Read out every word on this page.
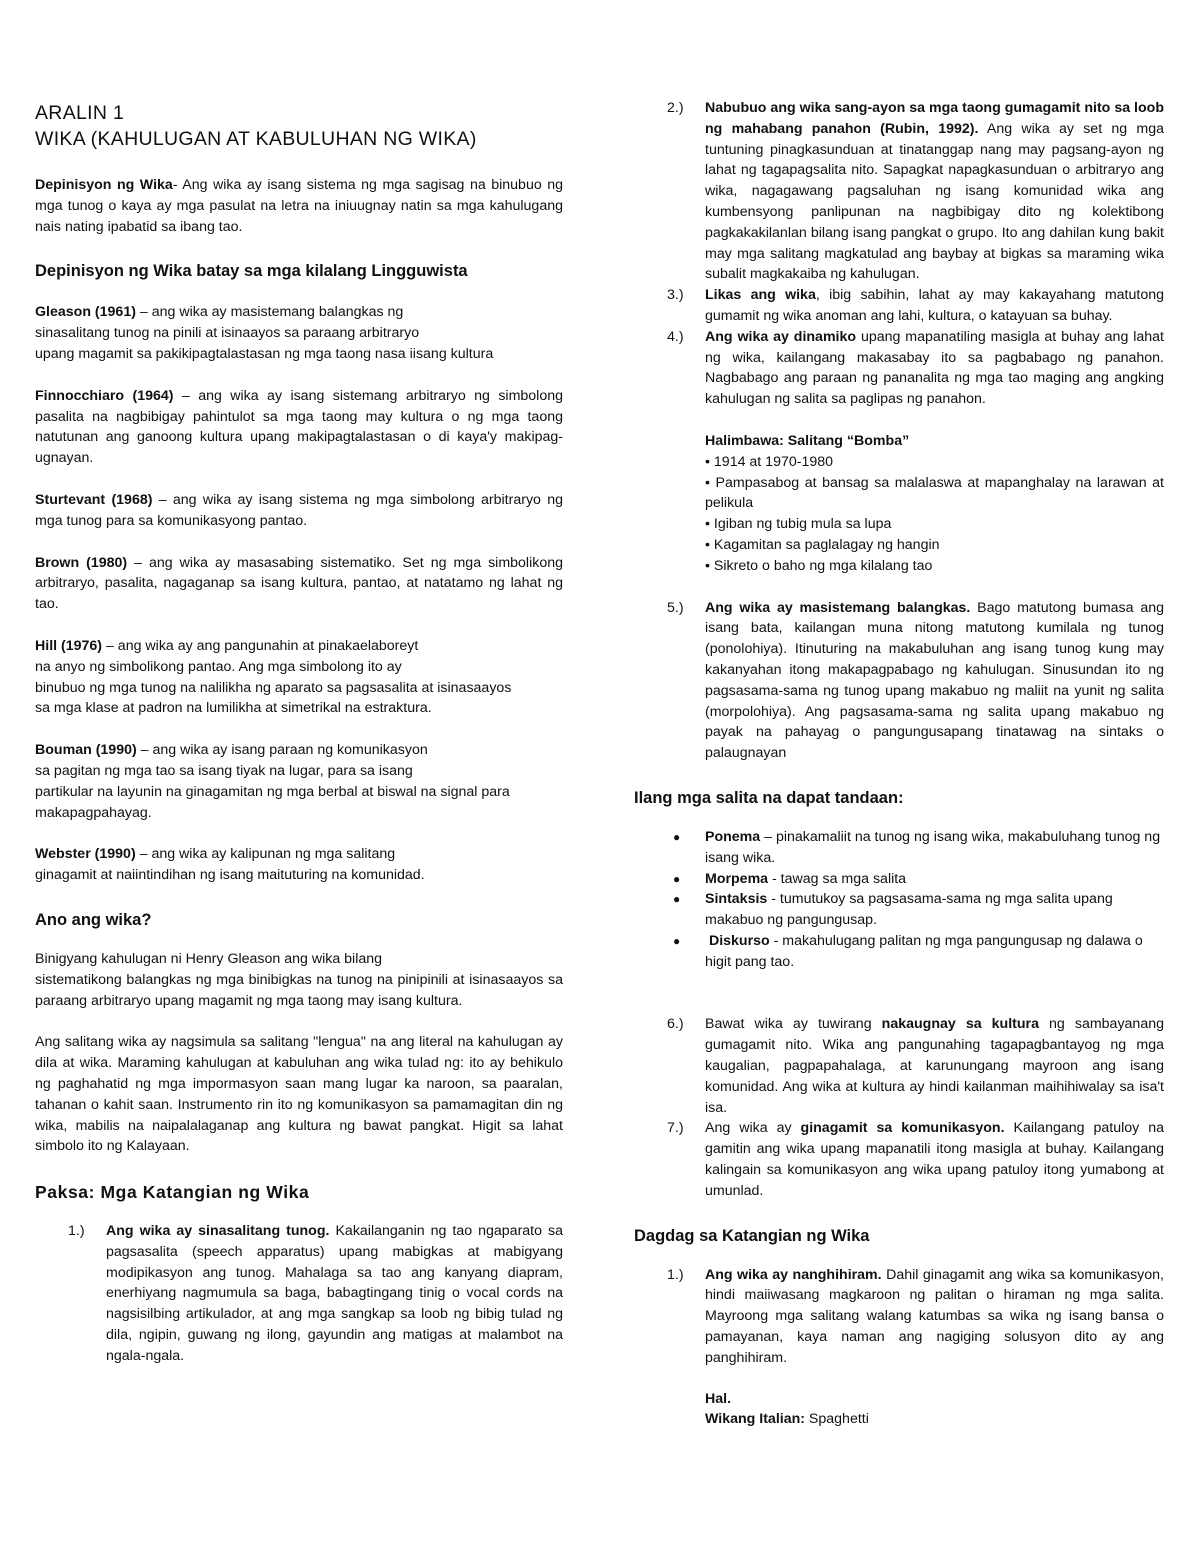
ARALIN 1

WIKA (KAHULUGAN AT KABULUHAN NG WIKA)

Depinisyon ng Wika- Ang wika ay isang sistema ng mga sagisag na binubuo ng mga tunog o kaya ay mga pasulat na letra na iniuugnay natin sa mga kahulugang nais nating ipabatid sa ibang tao.

Depinisyon ng Wika batay sa mga kilalang Lingguwista

Gleason (1961) – ang wika ay masistemang balangkas ng

sinasalitang tunog na pinili at isinaayos sa paraang arbitraryo

upang magamit sa pakikipagtalastasan ng mga taong nasa iisang kultura

Finnocchiaro (1964) – ang wika ay isang sistemang arbitraryo ng simbolong pasalita na nagbibigay pahintulot sa mga taong may kultura o ng mga taong natutunan ang ganoong kultura upang makipagtalastasan o di kaya'y makipag-ugnayan.

Sturtevant (1968) – ang wika ay isang sistema ng mga simbolong arbitraryo ng mga tunog para sa komunikasyong pantao.

Brown (1980) – ang wika ay masasabing sistematiko. Set ng mga simbolikong arbitraryo, pasalita, nagaganap sa isang kultura, pantao, at natatamo ng lahat ng tao.

Hill (1976) – ang wika ay ang pangunahin at pinakaelaboreyt

na anyo ng simbolikong pantao. Ang mga simbolong ito ay

binubuo ng mga tunog na nalilikha ng aparato sa pagsasalita at isinasaayos

sa mga klase at padron na lumilikha at simetrikal na estraktura.

Bouman (1990) – ang wika ay isang paraan ng komunikasyon

sa pagitan ng mga tao sa isang tiyak na lugar, para sa isang

partikular na layunin na ginagamitan ng mga berbal at biswal na signal para makapagpahayag.

Webster (1990) – ang wika ay kalipunan ng mga salitang

ginagamit at naiintindihan ng isang maituturing na komunidad.

Ano ang wika?

Binigyang kahulugan ni Henry Gleason ang wika bilang

sistematikong balangkas ng mga binibigkas na tunog na pinipinili at isinasaayos sa paraang arbitraryo upang magamit ng mga taong may isang kultura.

Ang salitang wika ay nagsimula sa salitang "lengua" na ang literal na kahulugan ay dila at wika. Maraming kahulugan at kabuluhan ang wika tulad ng: ito ay behikulo ng paghahatid ng mga impormasyon saan mang lugar ka naroon, sa paaralan, tahanan o kahit saan. Instrumento rin ito ng komunikasyon sa pamamagitan din ng wika, mabilis na naipalalaganap ang kultura ng bawat pangkat. Higit sa lahat simbolo ito ng Kalayaan.

Paksa: Mga Katangian ng Wika

1.) Ang wika ay sinasalitang tunog. Kakailanganin ng tao ngaparato sa pagsasalita (speech apparatus) upang mabigkas at mabigyang modipikasyon ang tunog. Mahalaga sa tao ang kanyang diapram, enerhiyang nagmumula sa baga, babagtingang tinig o vocal cords na nagsisilbing artikulador, at ang mga sangkap sa loob ng bibig tulad ng dila, ngipin, guwang ng ilong, gayundin ang matigas at malambot na ngala-ngala.
2.) Nabubuo ang wika sang-ayon sa mga taong gumagamit nito sa loob ng mahabang panahon (Rubin, 1992). Ang wika ay set ng mga tuntuning pinagkasunduan at tinatanggap nang may pagsang-ayon ng lahat ng tagapagsalita nito. Sapagkat napagkasunduan o arbitraryo ang wika, nagagawang pagsaluhan ng isang komunidad wika ang kumbensyong panlipunan na nagbibigay dito ng kolektibong pagkakakilanlan bilang isang pangkat o grupo. Ito ang dahilan kung bakit may mga salitang magkatulad ang baybay at bigkas sa maraming wika subalit magkakaiba ng kahulugan.
3.) Likas ang wika, ibig sabihin, lahat ay may kakayahang matutong gumamit ng wika anoman ang lahi, kultura, o katayuan sa buhay.
4.) Ang wika ay dinamiko upang mapanatiling masigla at buhay ang lahat ng wika, kailangang makasabay ito sa pagbabago ng panahon. Nagbabago ang paraan ng pananalita ng mga tao maging ang angking kahulugan ng salita sa paglipas ng panahon.

Halimbawa: Salitang “Bomba”

• 1914 at 1970-1980

• Pampasabog at bansag sa malalaswa at mapanghalay na larawan at pelikula

• Igiban ng tubig mula sa lupa

• Kagamitan sa paglalagay ng hangin

• Sikreto o baho ng mga kilalang tao

5.) Ang wika ay masistemang balangkas. Bago matutong bumasa ang isang bata, kailangan muna nitong matutong kumilala ng tunog (ponolohiya). Itinuturing na makabuluhan ang isang tunog kung may kakanyahan itong makapagpabago ng kahulugan. Sinusundan ito ng pagsasama-sama ng tunog upang makabuo ng maliit na yunit ng salita (morpolohiya). Ang pagsasama-sama ng salita upang makabuo ng payak na pahayag o pangungusapang tinatawag na sintaks o palaugnayan

Ilang mga salita na dapat tandaan:

● Ponema – pinakamaliit na tunog ng isang wika, makabuluhang tunog ng isang wika.
● Morpema - tawag sa mga salita
● Sintaksis - tumutukoy sa pagsasama-sama ng mga salita upang makabuo ng pangungusap.
● Diskurso - makahulugang palitan ng mga pangungusap ng dalawa o higit pang tao.
6.) Bawat wika ay tuwirang nakaugnay sa kultura ng sambayanang gumagamit nito. Wika ang pangunahing tagapagbantayog ng mga kaugalian, pagpapahalaga, at karunungang mayroon ang isang komunidad. Ang wika at kultura ay hindi kailanman maihihiwalay sa isa't isa.
7.) Ang wika ay ginagamit sa komunikasyon. Kailangang patuloy na gamitin ang wika upang mapanatili itong masigla at buhay. Kailangang kalingain sa komunikasyon ang wika upang patuloy itong yumabong at umunlad.

Dagdag sa Katangian ng Wika

1.) Ang wika ay nanghihiram. Dahil ginagamit ang wika sa komunikasyon, hindi maiiwasang magkaroon ng palitan o hiraman ng mga salita. Mayroong mga salitang walang katumbas sa wika ng isang bansa o pamayanan, kaya naman ang nagiging solusyon dito ay ang panghihiram.

Hal.

Wikang Italian: Spaghetti
